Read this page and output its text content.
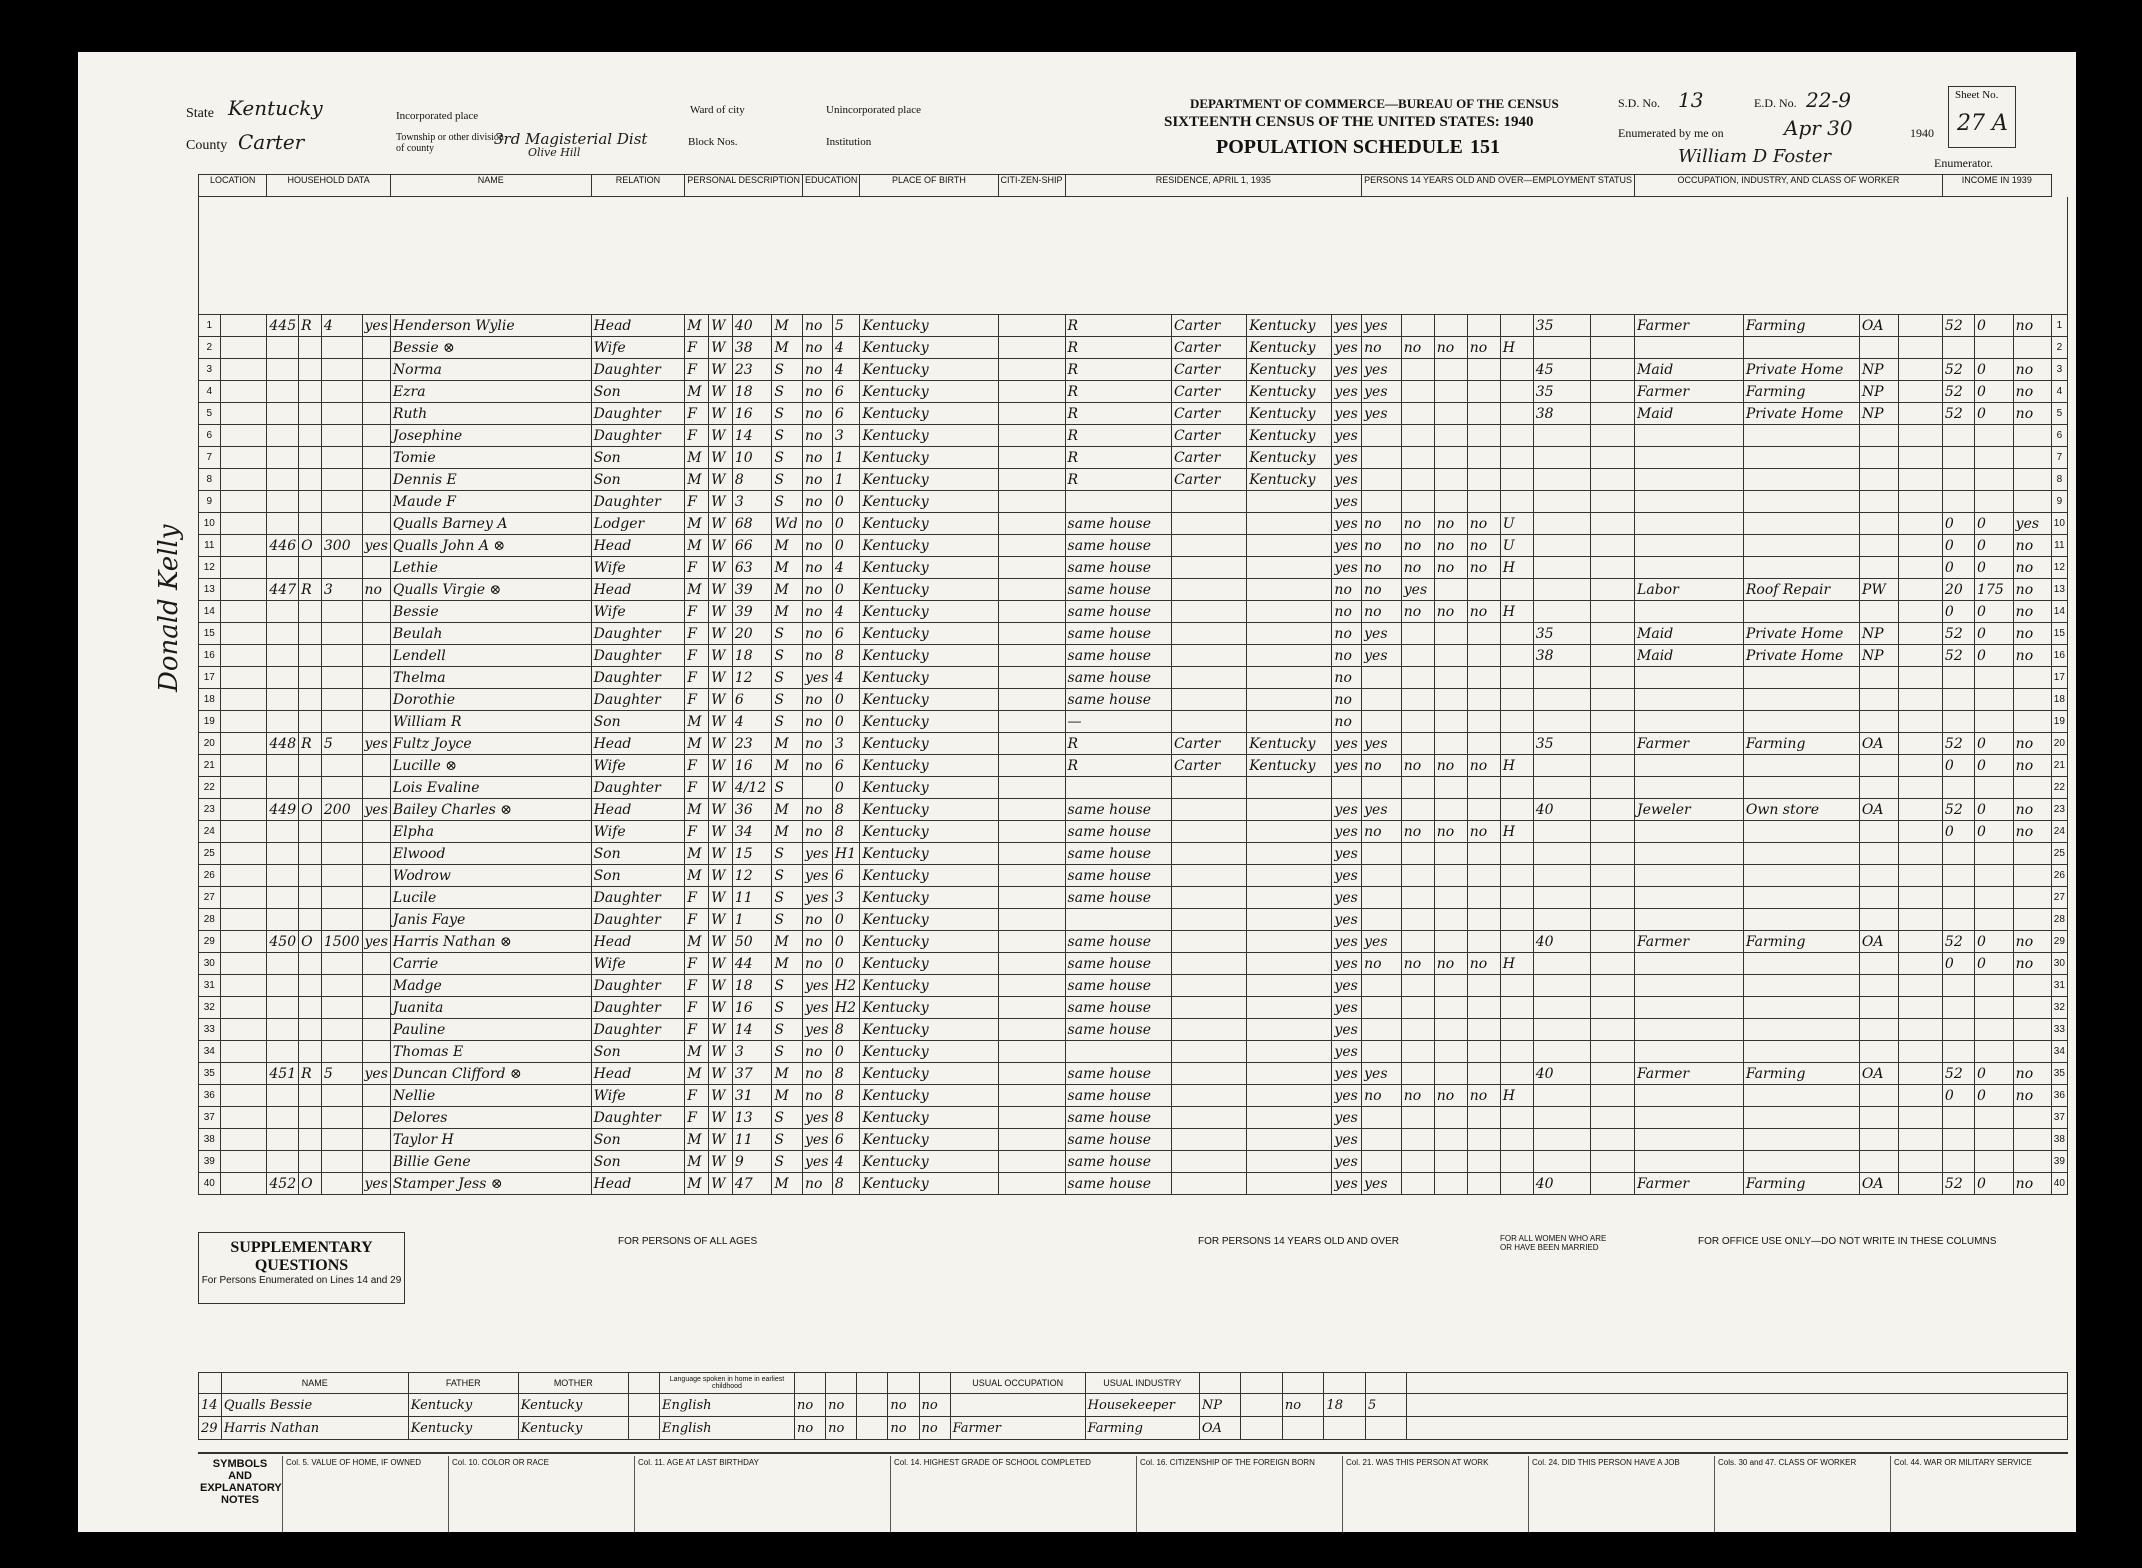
State Kentucky
County Carter
Incorporated place	Ward of city	Unincorporated place
Township or other division of county
3rd Magisterial Dist
Olive Hill
Block Nos.	Institution
DEPARTMENT OF COMMERCE—BUREAU OF THE CENSUS
SIXTEENTH CENSUS OF THE UNITED STATES: 1940
POPULATION SCHEDULE 151
S.D. No. 13	E.D. No. 22-9	Sheet No.
27 A
Enumerated by me on	Apr 30	1940
William D Foster	Enumerator.
Donald Kelly
LOCATION		HOUSEHOLD DATA				NAME	RELATION	PERSONAL DESCRIPTION				EDUCATION		PLACE OF BIRTH	CITI-ZEN-SHIP	RESIDENCE, APRIL 1, 1935				PERSONS 14 YEARS OLD AND OVER—EMPLOYMENT STATUS							OCCUPATION, INDUSTRY, AND CLASS OF WORKER				INCOME IN 1939			

1		445	R	4	yes	Henderson Wylie	Head	M	W	40	M	no	5	Kentucky		R	Carter	Kentucky	yes	yes					35		Farmer	Farming	OA		52	0	no	1
2						Bessie ⊗	Wife	F	W	38	M	no	4	Kentucky		R	Carter	Kentucky	yes	no	no	no	no	H										2
3						Norma	Daughter	F	W	23	S	no	4	Kentucky		R	Carter	Kentucky	yes	yes					45		Maid	Private Home	NP		52	0	no	3
4						Ezra	Son	M	W	18	S	no	6	Kentucky		R	Carter	Kentucky	yes	yes					35		Farmer	Farming	NP		52	0	no	4
5						Ruth	Daughter	F	W	16	S	no	6	Kentucky		R	Carter	Kentucky	yes	yes					38		Maid	Private Home	NP		52	0	no	5
6						Josephine	Daughter	F	W	14	S	no	3	Kentucky		R	Carter	Kentucky	yes															6
7						Tomie	Son	M	W	10	S	no	1	Kentucky		R	Carter	Kentucky	yes															7
8						Dennis E	Son	M	W	8	S	no	1	Kentucky		R	Carter	Kentucky	yes															8
9						Maude F	Daughter	F	W	3	S	no	0	Kentucky					yes															9
10						Qualls Barney A	Lodger	M	W	68	Wd	no	0	Kentucky		same house			yes	no	no	no	no	U							0	0	yes	10
11		446	O	300	yes	Qualls John A ⊗	Head	M	W	66	M	no	0	Kentucky		same house			yes	no	no	no	no	U							0	0	no	11
12						Lethie	Wife	F	W	63	M	no	4	Kentucky		same house			yes	no	no	no	no	H							0	0	no	12
13		447	R	3	no	Qualls Virgie ⊗	Head	M	W	39	M	no	0	Kentucky		same house			no	no	yes						Labor	Roof Repair	PW		20	175	no	13
14						Bessie	Wife	F	W	39	M	no	4	Kentucky		same house			no	no	no	no	no	H							0	0	no	14
15						Beulah	Daughter	F	W	20	S	no	6	Kentucky		same house			no	yes					35		Maid	Private Home	NP		52	0	no	15
16						Lendell	Daughter	F	W	18	S	no	8	Kentucky		same house			no	yes					38		Maid	Private Home	NP		52	0	no	16
17						Thelma	Daughter	F	W	12	S	yes	4	Kentucky		same house			no															17
18						Dorothie	Daughter	F	W	6	S	no	0	Kentucky		same house			no															18
19						William R	Son	M	W	4	S	no	0	Kentucky		—			no															19
20		448	R	5	yes	Fultz Joyce	Head	M	W	23	M	no	3	Kentucky		R	Carter	Kentucky	yes	yes					35		Farmer	Farming	OA		52	0	no	20
21						Lucille ⊗	Wife	F	W	16	M	no	6	Kentucky		R	Carter	Kentucky	yes	no	no	no	no	H							0	0	no	21
22						Lois Evaline	Daughter	F	W	4/12	S		0	Kentucky																				22
23		449	O	200	yes	Bailey Charles ⊗	Head	M	W	36	M	no	8	Kentucky		same house			yes	yes					40		Jeweler	Own store	OA		52	0	no	23
24						Elpha	Wife	F	W	34	M	no	8	Kentucky		same house			yes	no	no	no	no	H							0	0	no	24
25						Elwood	Son	M	W	15	S	yes	H1	Kentucky		same house			yes															25
26						Wodrow	Son	M	W	12	S	yes	6	Kentucky		same house			yes															26
27						Lucile	Daughter	F	W	11	S	yes	3	Kentucky		same house			yes															27
28						Janis Faye	Daughter	F	W	1	S	no	0	Kentucky					yes															28
29		450	O	1500	yes	Harris Nathan ⊗	Head	M	W	50	M	no	0	Kentucky		same house			yes	yes					40		Farmer	Farming	OA		52	0	no	29
30						Carrie	Wife	F	W	44	M	no	0	Kentucky		same house			yes	no	no	no	no	H							0	0	no	30
31						Madge	Daughter	F	W	18	S	yes	H2	Kentucky		same house			yes															31
32						Juanita	Daughter	F	W	16	S	yes	H2	Kentucky		same house			yes															32
33						Pauline	Daughter	F	W	14	S	yes	8	Kentucky		same house			yes															33
34						Thomas E	Son	M	W	3	S	no	0	Kentucky					yes															34
35		451	R	5	yes	Duncan Clifford ⊗	Head	M	W	37	M	no	8	Kentucky		same house			yes	yes					40		Farmer	Farming	OA		52	0	no	35
36						Nellie	Wife	F	W	31	M	no	8	Kentucky		same house			yes	no	no	no	no	H							0	0	no	36
37						Delores	Daughter	F	W	13	S	yes	8	Kentucky		same house			yes															37
38						Taylor H	Son	M	W	11	S	yes	6	Kentucky		same house			yes															38
39						Billie Gene	Son	M	W	9	S	yes	4	Kentucky		same house			yes															39
40		452	O		yes	Stamper Jess ⊗	Head	M	W	47	M	no	8	Kentucky		same house			yes	yes					40		Farmer	Farming	OA		52	0	no	40
SUPPLEMENTARY QUESTIONS
For Persons Enumerated on Lines 14 and 29
FOR PERSONS OF ALL AGES	FOR PERSONS 14 YEARS OLD AND OVER	FOR ALL WOMEN WHO ARE OR HAVE BEEN MARRIED
FOR OFFICE USE ONLY—DO NOT WRITE IN THESE COLUMNS
	NAME	FATHER	MOTHER		Language spoken in home in earliest childhood						USUAL OCCUPATION	USUAL INDUSTRY						
14	Qualls Bessie	Kentucky	Kentucky		English	no	no		no	no		Housekeeper	NP		no	18	5	
29	Harris Nathan	Kentucky	Kentucky		English	no	no		no	no	Farmer	Farming	OA					
SYMBOLS AND EXPLANATORY NOTES
Col. 5. VALUE OF HOME, IF OWNED	Col. 10. COLOR OR RACE	Col. 11. AGE AT LAST BIRTHDAY	Col. 14. HIGHEST GRADE OF SCHOOL COMPLETED	Col. 16. CITIZENSHIP OF THE FOREIGN BORN	Col. 21. WAS THIS PERSON AT WORK	Col. 24. DID THIS PERSON HAVE A JOB	Cols. 30 and 47. CLASS OF WORKER	Col. 44. WAR OR MILITARY SERVICE
